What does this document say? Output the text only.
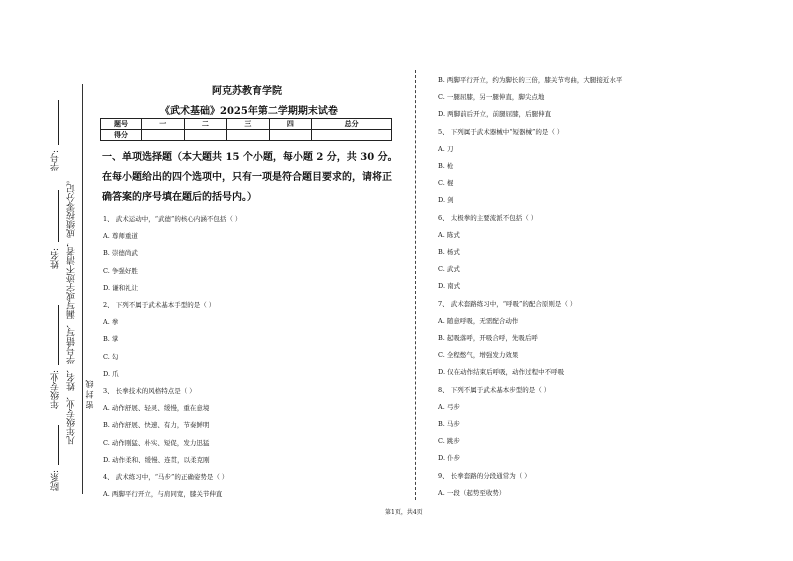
学号:
姓名:
年级专业:
院系:
凡年级专业、姓名、学号错写、漏写或字迹不清者，成绩按零分记。 密 封 线
阿克苏教育学院
《武术基础》2025年第二学期期末试卷
题号	一	二	三	四	总分
得分					
一、单项选择题（本大题共 15 个小题，每小题 2 分，共 30 分。在每小题给出的四个选项中，只有一项是符合题目要求的，请将正确答案的序号填在题后的括号内。）
1、 武术运动中，“武德”的核心内涵不包括（ ）
A. 尊师重道
B. 崇德尚武
C. 争强好胜
D. 谦和礼让
2、 下列不属于武术基本手型的是（ ）
A. 拳
B. 掌
C. 勾
D. 爪
3、 长拳技术的风格特点是（ ）
A. 动作舒展、轻灵、缓慢，重在意境
B. 动作舒展、快速、有力，节奏鲜明
C. 动作刚猛、朴实、短促，发力迅猛
D. 动作柔和、缓慢、连贯，以柔克刚
4、 武术练习中，“马步”的正确姿势是（ ）
A. 两脚平行开立，与肩同宽，膝关节伸直
B. 两脚平行开立，约为脚长的三倍，膝关节弯曲，大腿接近水平
C. 一腿屈膝，另一腿伸直，脚尖点地
D. 两脚前后开立，前腿屈膝，后腿伸直
5、 下列属于武术器械中“短器械”的是（ ）
A. 刀
B. 枪
C. 棍
D. 剑
6、 太极拳的主要流派不包括（ ）
A. 陈式
B. 杨式
C. 武式
D. 南式
7、 武术套路练习中，“呼吸”的配合原则是（ ）
A. 随意呼吸，无需配合动作
B. 起吸落呼，开吸合呼，先吸后呼
C. 全程憋气，增强发力效果
D. 仅在动作结束后呼吸，动作过程中不呼吸
8、 下列不属于武术基本步型的是（ ）
A. 弓步
B. 马步
C. 跳步
D. 仆步
9、 长拳套路的分段通常为（ ）
A. 一段（起势至收势）
第1页，共4页
